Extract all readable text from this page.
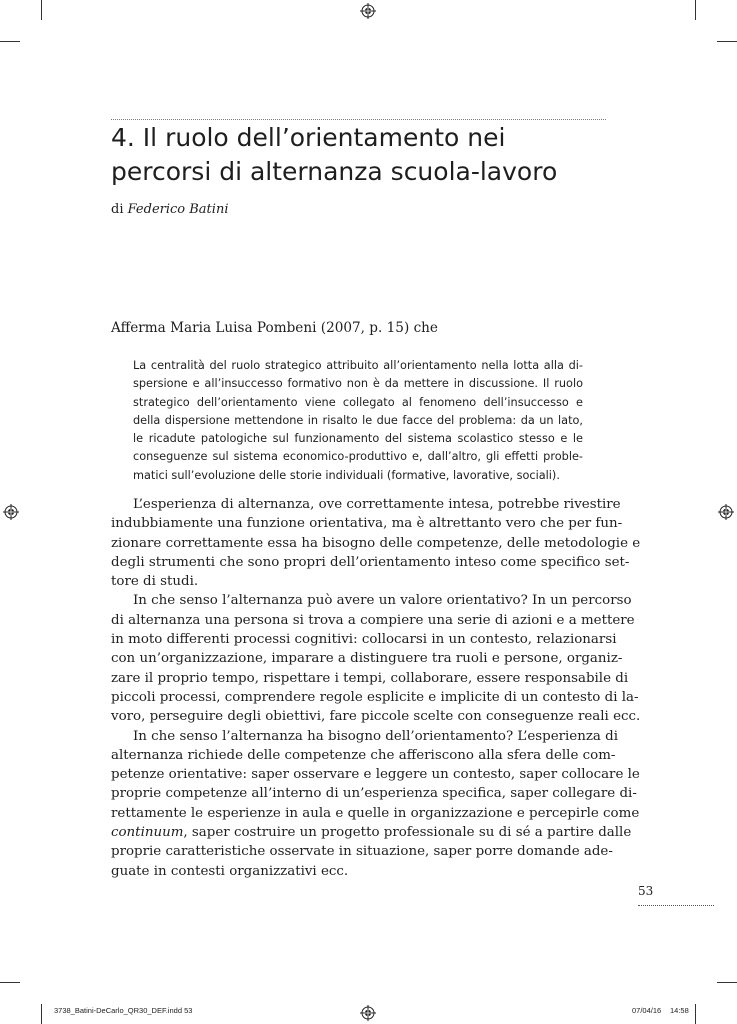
4. Il ruolo dell’orientamento nei
percorsi di alternanza scuola-lavoro
di Federico Batini
Afferma Maria Luisa Pombeni (2007, p. 15) che
La centralità del ruolo strategico attribuito all’orientamento nella lotta alla di-
spersione e all’insuccesso formativo non è da mettere in discussione. Il ruolo
strategico dell’orientamento viene collegato al fenomeno dell’insuccesso e
della dispersione mettendone in risalto le due facce del problema: da un lato,
le ricadute patologiche sul funzionamento del sistema scolastico stesso e le
conseguenze sul sistema economico-produttivo e, dall’altro, gli effetti proble-
matici sull’evoluzione delle storie individuali (formative, lavorative, sociali).
L’esperienza di alternanza, ove correttamente intesa, potrebbe rivestire
indubbiamente una funzione orientativa, ma è altrettanto vero che per fun-
zionare correttamente essa ha bisogno delle competenze, delle metodologie e
degli strumenti che sono propri dell’orientamento inteso come specifico set-
tore di studi.
In che senso l’alternanza può avere un valore orientativo? In un percorso
di alternanza una persona si trova a compiere una serie di azioni e a mettere
in moto differenti processi cognitivi: collocarsi in un contesto, relazionarsi
con un’organizzazione, imparare a distinguere tra ruoli e persone, organiz-
zare il proprio tempo, rispettare i tempi, collaborare, essere responsabile di
piccoli processi, comprendere regole esplicite e implicite di un contesto di la-
voro, perseguire degli obiettivi, fare piccole scelte con conseguenze reali ecc.
In che senso l’alternanza ha bisogno dell’orientamento? L’esperienza di
alternanza richiede delle competenze che afferiscono alla sfera delle com-
petenze orientative: saper osservare e leggere un contesto, saper collocare le
proprie competenze all’interno di un’esperienza specifica, saper collegare di-
rettamente le esperienze in aula e quelle in organizzazione e percepirle come
continuum, saper costruire un progetto professionale su di sé a partire dalle
proprie caratteristiche osservate in situazione, saper porre domande ade-
guate in contesti organizzativi ecc.
53
3738_Batini-DeCarlo_QR30_DEF.indd 53	07/04/16 14:58
